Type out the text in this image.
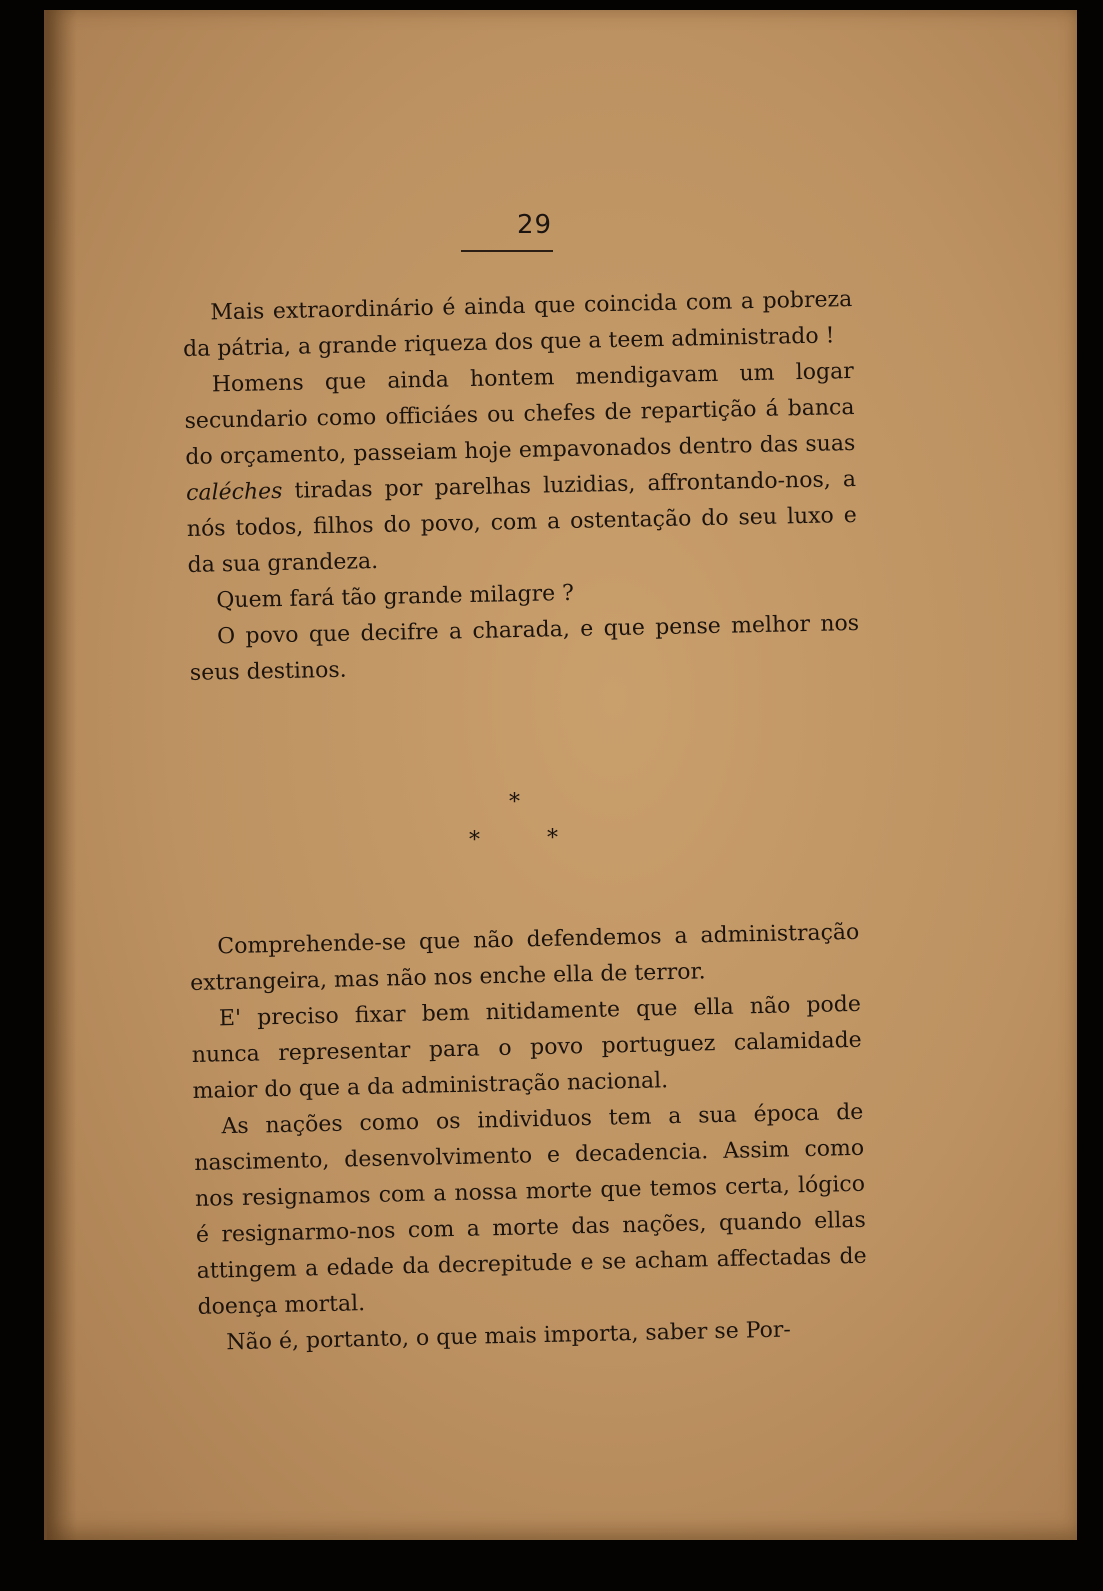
29

Mais extraordinário é ainda que coincida com a pobreza da pátria, a grande riqueza dos que a teem administrado !

Homens que ainda hontem mendigavam um logar secundario como officiáes ou chefes de repartição á banca do orçamento, passeiam hoje empavonados dentro das suas caléches tiradas por parelhas luzidias, affrontando-nos, a nós todos, filhos do povo, com a ostentação do seu luxo e da sua grandeza.

Quem fará tão grande milagre ?

O povo que decifre a charada, e que pense melhor nos seus destinos.

*
*	*

Comprehende-se que não defendemos a administração extrangeira, mas não nos enche ella de terror.

E' preciso fixar bem nitidamente que ella não pode nunca representar para o povo portuguez calamidade maior do que a da administração nacional.

As nações como os individuos tem a sua época de nascimento, desenvolvimento e decadencia. Assim como nos resignamos com a nossa morte que temos certa, lógico é resignarmo-nos com a morte das nações, quando ellas attingem a edade da decrepitude e se acham affectadas de doença mortal.

Não é, portanto, o que mais importa, saber se Por-
